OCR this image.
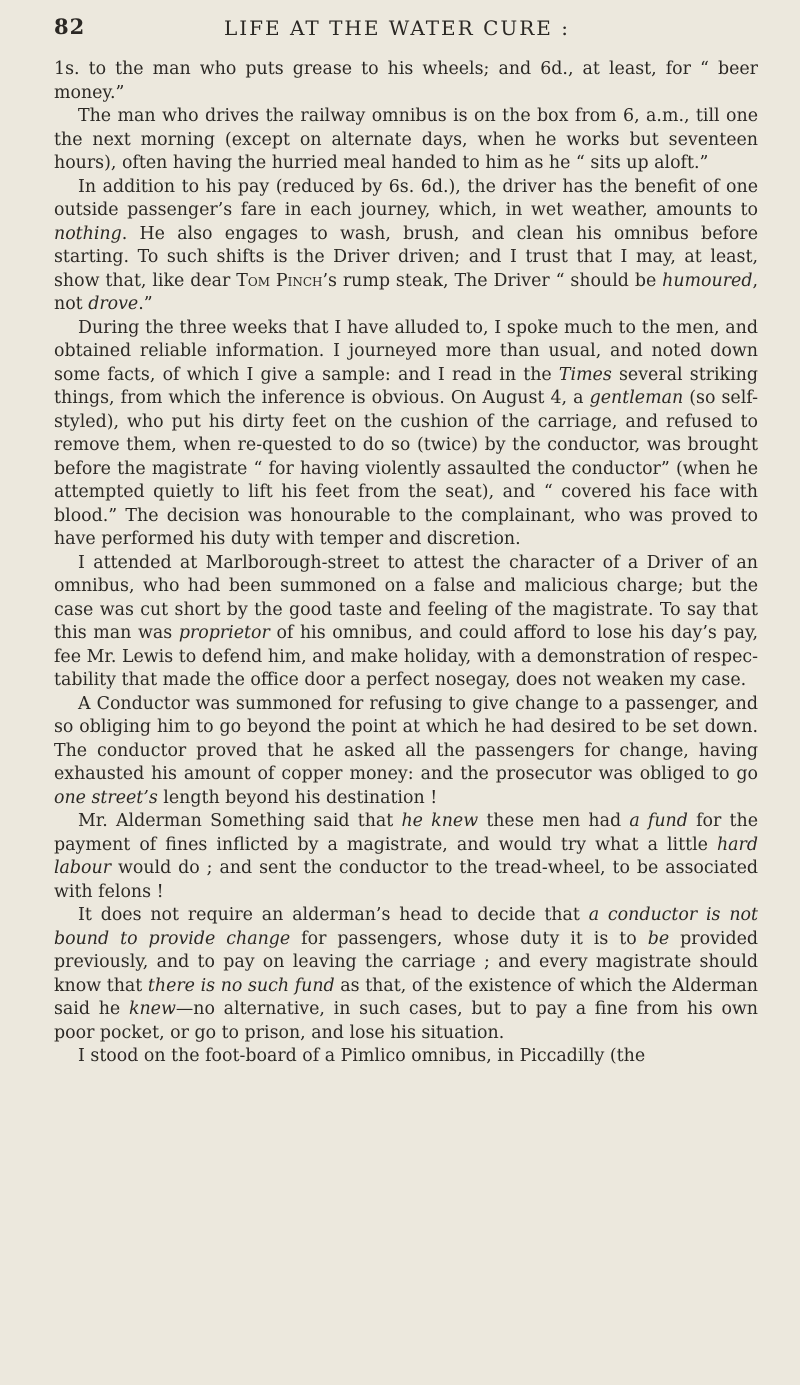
82	LIFE AT THE WATER CURE :

1s. to the man who puts grease to his wheels; and 6d., at least, for “ beer money.”

The man who drives the railway omnibus is on the box from 6, a.m., till one the next morning (except on alternate days, when he works but seventeen hours), often having the hurried meal handed to him as he “ sits up aloft.”

In addition to his pay (reduced by 6s. 6d.), the driver has the benefit of one outside passenger’s fare in each journey, which, in wet weather, amounts to nothing. He also engages to wash, brush, and clean his omnibus before starting. To such shifts is the Driver driven; and I trust that I may, at least, show that, like dear Tom Pinch’s rump steak, The Driver “ should be humoured, not drove.”

During the three weeks that I have alluded to, I spoke much to the men, and obtained reliable information. I journeyed more than usual, and noted down some facts, of which I give a sample: and I read in the Times several striking things, from which the inference is obvious. On August 4, a gentleman (so self-styled), who put his dirty feet on the cushion of the carriage, and refused to remove them, when re-quested to do so (twice) by the conductor, was brought before the magistrate “ for having violently assaulted the conductor” (when he attempted quietly to lift his feet from the seat), and “ covered his face with blood.” The decision was honourable to the complainant, who was proved to have performed his duty with temper and discretion.

I attended at Marlborough-street to attest the character of a Driver of an omnibus, who had been summoned on a false and malicious charge; but the case was cut short by the good taste and feeling of the magistrate. To say that this man was proprietor of his omnibus, and could afford to lose his day’s pay, fee Mr. Lewis to defend him, and make holiday, with a demonstration of respec-tability that made the office door a perfect nosegay, does not weaken my case.

A Conductor was summoned for refusing to give change to a passenger, and so obliging him to go beyond the point at which he had desired to be set down. The conductor proved that he asked all the passengers for change, having exhausted his amount of copper money: and the prosecutor was obliged to go one street’s length beyond his destination !

Mr. Alderman Something said that he knew these men had a fund for the payment of fines inflicted by a magistrate, and would try what a little hard labour would do ; and sent the conductor to the tread-wheel, to be associated with felons !

It does not require an alderman’s head to decide that a conductor is not bound to provide change for passengers, whose duty it is to be provided previously, and to pay on leaving the carriage ; and every magistrate should know that there is no such fund as that, of the existence of which the Alderman said he knew—no alternative, in such cases, but to pay a fine from his own poor pocket, or go to prison, and lose his situation.

I stood on the foot-board of a Pimlico omnibus, in Piccadilly (the
